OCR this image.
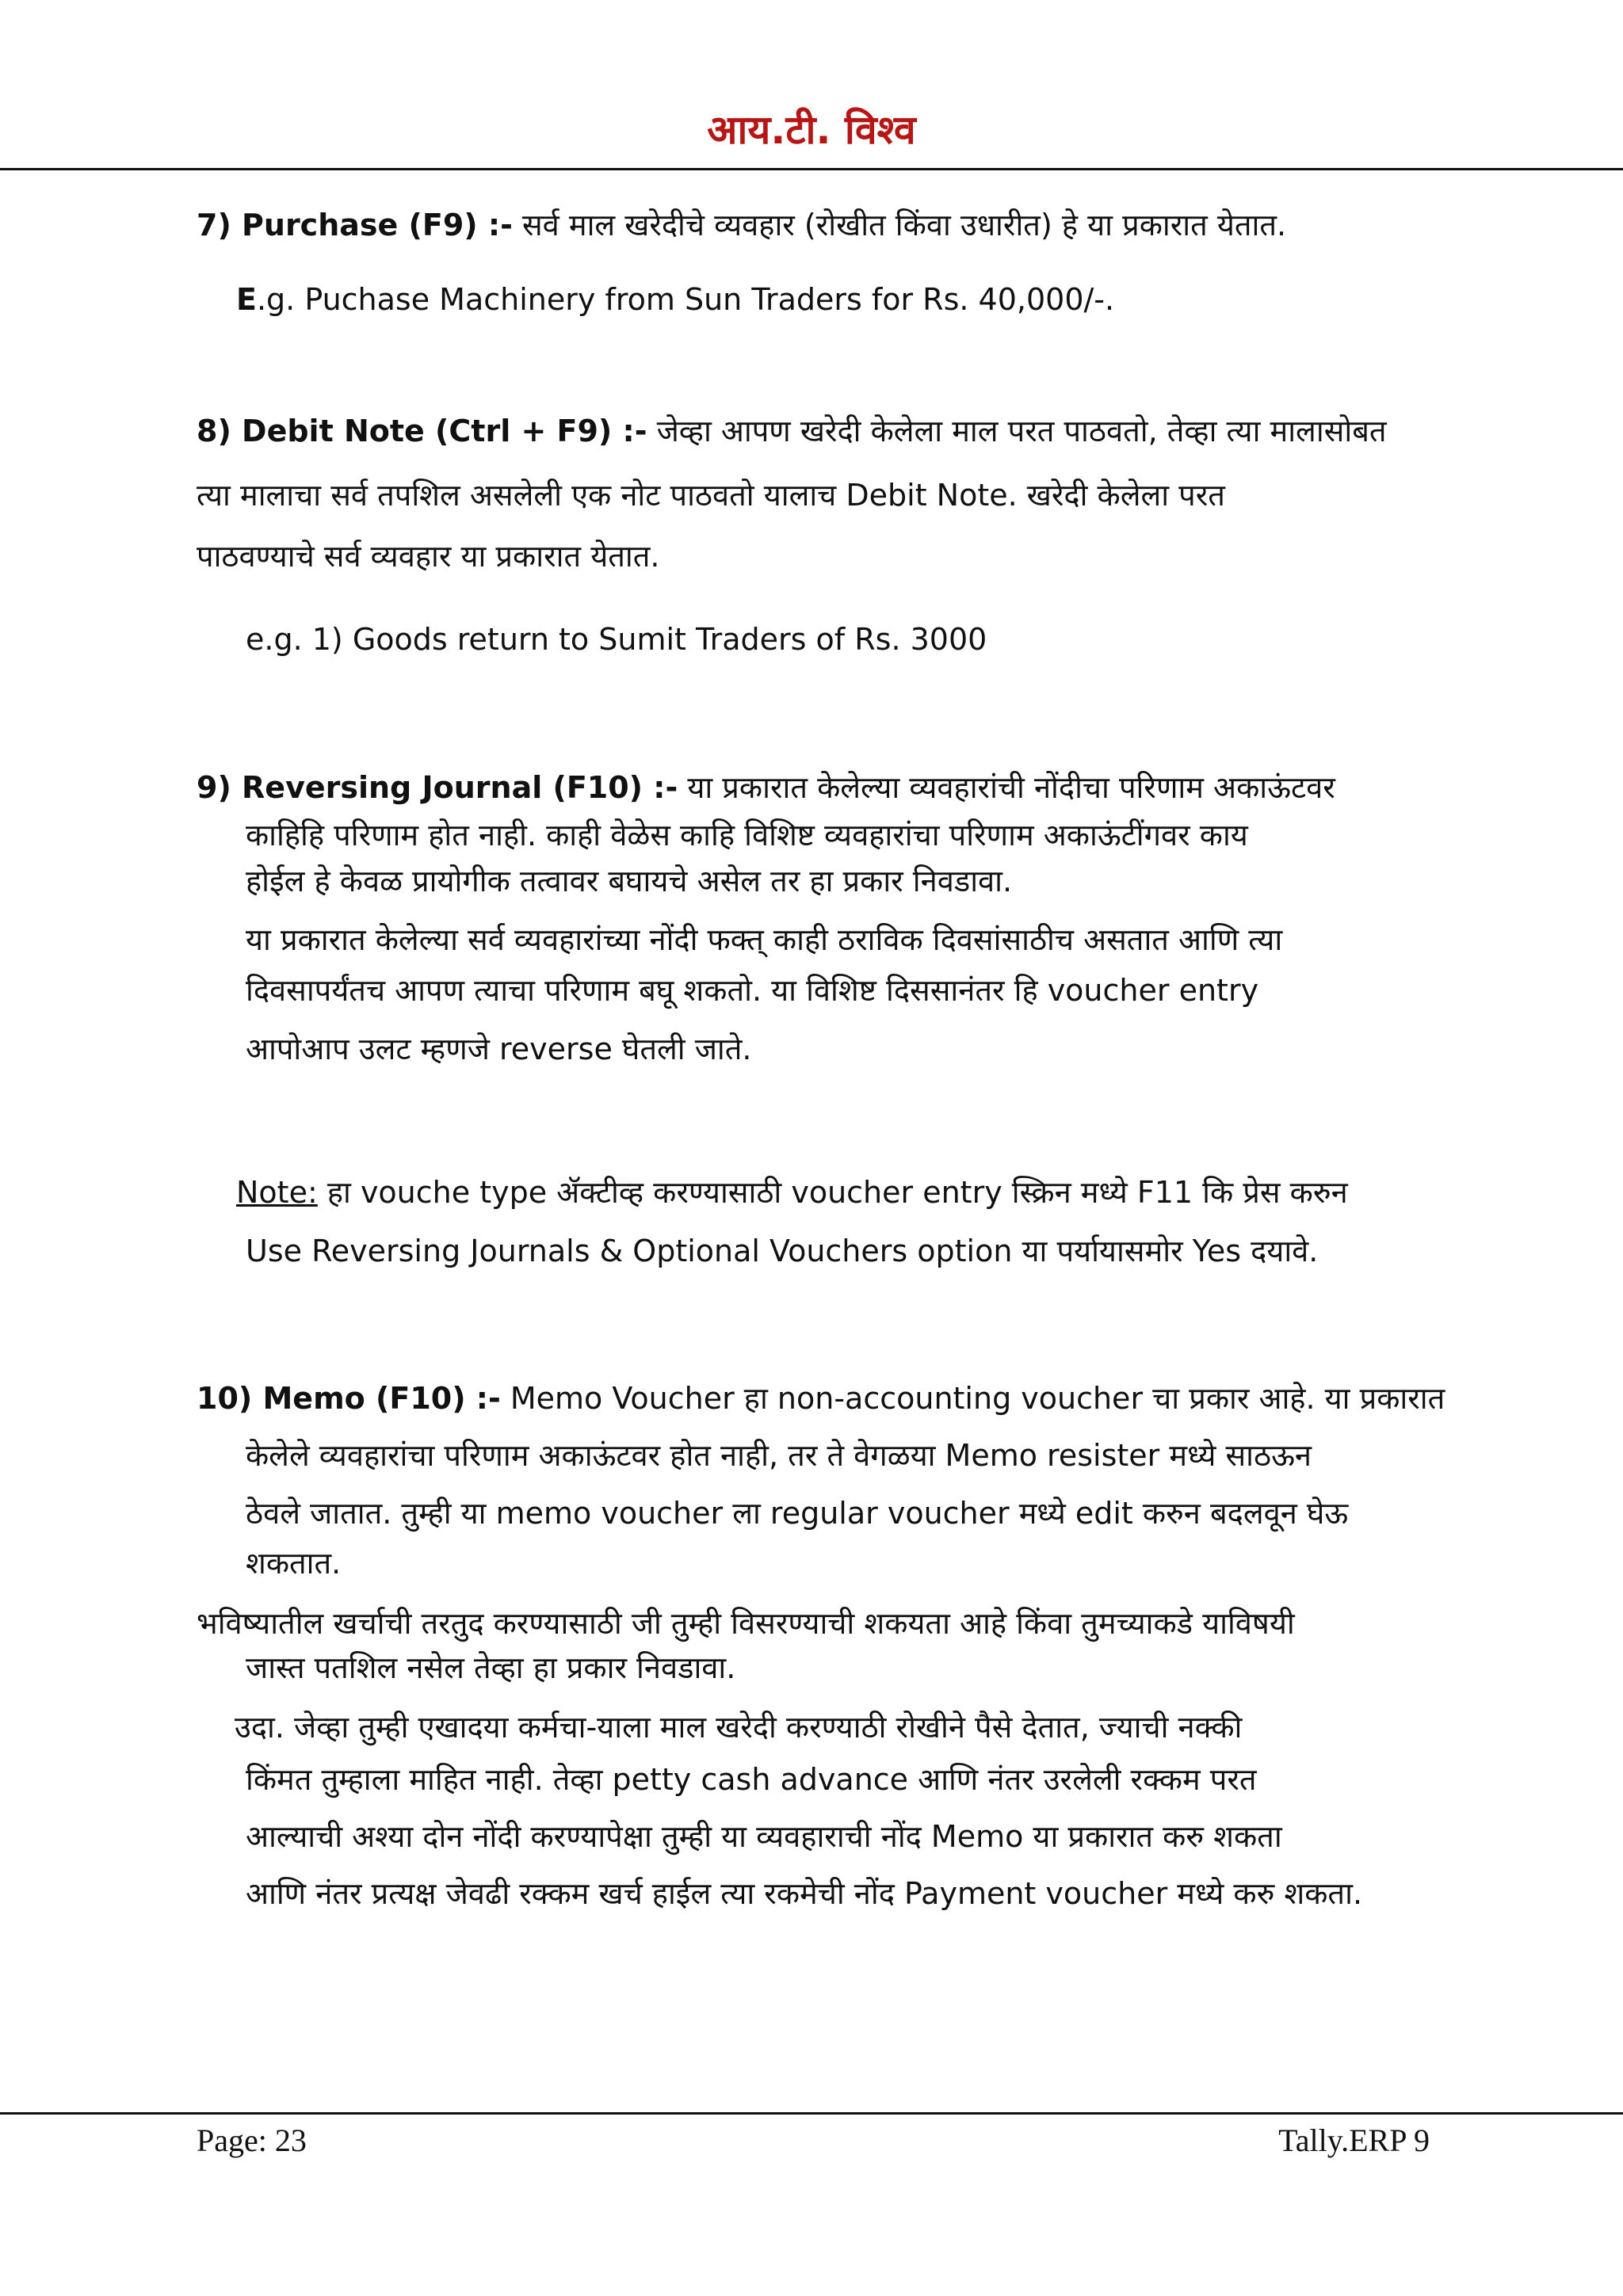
आय.टी. विश्व
7) Purchase (F9) :- सर्व माल खरेदीचे व्यवहार (रोखीत किंवा उधारीत) हे या प्रकारात येतात.
E.g. Puchase Machinery from Sun Traders for Rs. 40,000/-.
8) Debit Note (Ctrl + F9) :- जेव्हा आपण खरेदी केलेला माल परत पाठवतो, तेव्हा त्या मालासोबत
त्या मालाचा सर्व तपशिल असलेली एक नोट पाठवतो यालाच Debit Note. खरेदी केलेला परत
पाठवण्याचे सर्व व्यवहार या प्रकारात येतात.
e.g. 1) Goods return to Sumit Traders of Rs. 3000
9) Reversing Journal (F10) :- या प्रकारात केलेल्या व्यवहारांची नोंदीचा परिणाम अकाऊंटवर
काहिहि परिणाम होत नाही. काही वेळेस काहि विशिष्ट व्यवहारांचा परिणाम अकाऊंटींगवर काय
होईल हे केवळ प्रायोगीक तत्वावर बघायचे असेल तर हा प्रकार निवडावा.
या प्रकारात केलेल्या सर्व व्यवहारांच्या नोंदी फक्त् काही ठराविक दिवसांसाठीच असतात आणि त्या
दिवसापर्यंतच आपण त्याचा परिणाम बघू शकतो. या विशिष्ट दिससानंतर हि voucher entry
आपोआप उलट म्हणजे reverse घेतली जाते.
Note: हा vouche type ॲक्टीव्ह करण्यासाठी voucher entry स्क्रिन मध्ये F11 कि प्रेस करुन
Use Reversing Journals & Optional Vouchers option या पर्यायासमोर Yes दयावे.
10) Memo (F10) :- Memo Voucher हा non-accounting voucher चा प्रकार आहे. या प्रकारात
केलेले व्यवहारांचा परिणाम अकाऊंटवर होत नाही, तर ते वेगळया Memo resister मध्ये साठऊन
ठेवले जातात. तुम्ही या memo voucher ला regular voucher मध्ये edit करुन बदलवून घेऊ
शकतात.
भविष्यातील खर्चाची तरतुद करण्यासाठी जी तुम्ही विसरण्याची शकयता आहे किंवा तुमच्याकडे याविषयी
जास्त पतशिल नसेल तेव्हा हा प्रकार निवडावा.
उदा. जेव्हा तुम्ही एखादया कर्मचा-याला माल खरेदी करण्याठी रोखीने पैसे देतात, ज्याची नक्की
किंमत तुम्हाला माहित नाही. तेव्हा petty cash advance आणि नंतर उरलेली रक्कम परत
आल्याची अश्या दोन नोंदी करण्यापेक्षा तुम्ही या व्यवहाराची नोंद Memo या प्रकारात करु शकता
आणि नंतर प्रत्यक्ष जेवढी रक्कम खर्च हाईल त्या रकमेची नोंद Payment voucher मध्ये करु शकता.
Page: 23	Tally.ERP 9
